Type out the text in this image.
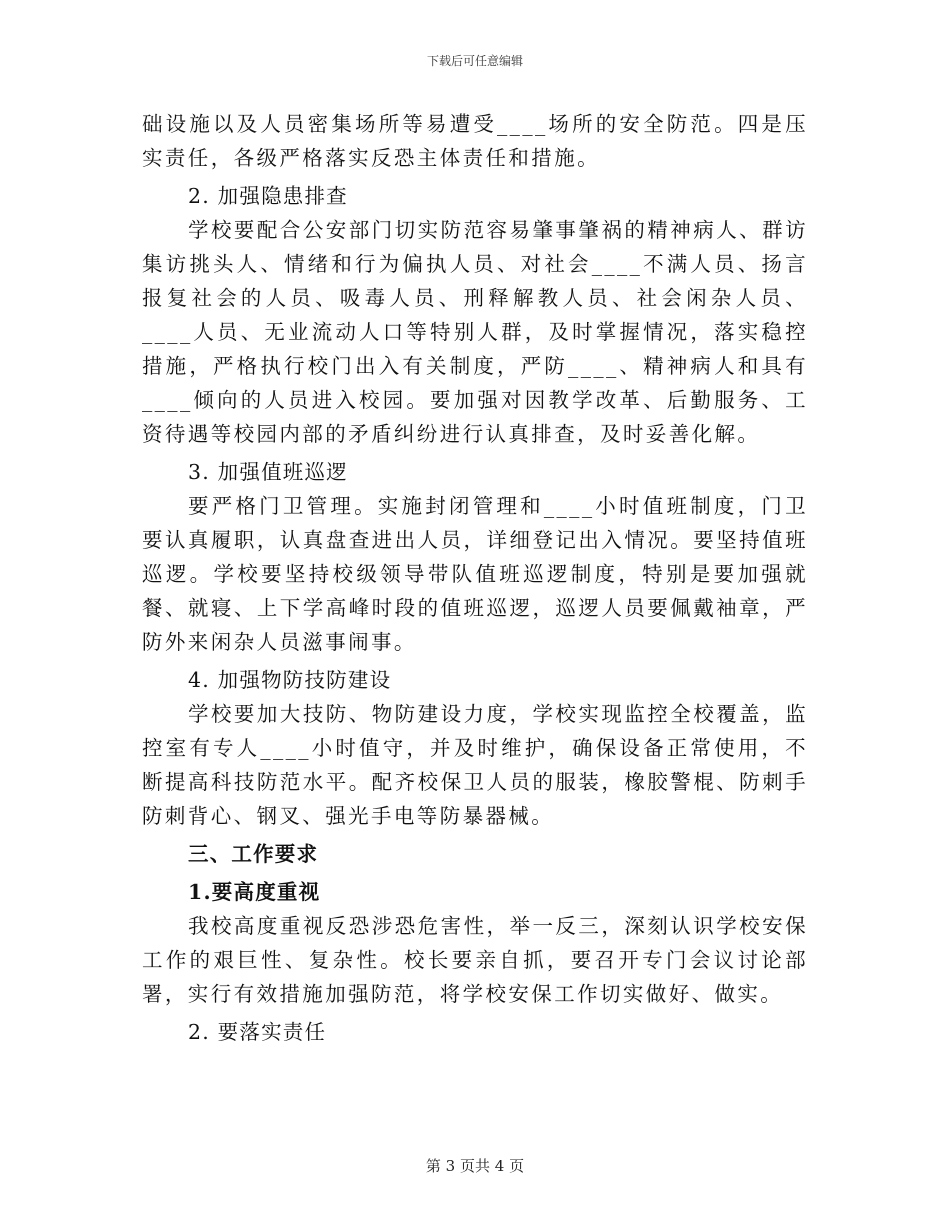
下载后可任意编辑

础设施以及人员密集场所等易遭受____场所的安全防范。四是压实责任，各级严格落实反恐主体责任和措施。

2. 加强隐患排查

学校要配合公安部门切实防范容易肇事肇祸的精神病人、群访集访挑头人、情绪和行为偏执人员、对社会____不满人员、扬言报复社会的人员、吸毒人员、刑释解教人员、社会闲杂人员、____人员、无业流动人口等特别人群，及时掌握情况，落实稳控措施，严格执行校门出入有关制度，严防____、精神病人和具有____倾向的人员进入校园。要加强对因教学改革、后勤服务、工资待遇等校园内部的矛盾纠纷进行认真排查，及时妥善化解。

3. 加强值班巡逻

要严格门卫管理。实施封闭管理和____小时值班制度，门卫要认真履职，认真盘查进出人员，详细登记出入情况。要坚持值班巡逻。学校要坚持校级领导带队值班巡逻制度，特别是要加强就餐、就寝、上下学高峰时段的值班巡逻，巡逻人员要佩戴袖章，严防外来闲杂人员滋事闹事。

4. 加强物防技防建设

学校要加大技防、物防建设力度，学校实现监控全校覆盖，监控室有专人____小时值守，并及时维护，确保设备正常使用，不断提高科技防范水平。配齐校保卫人员的服装，橡胶警棍、防刺手防刺背心、钢叉、强光手电等防暴器械。

三、工作要求

1.要高度重视

我校高度重视反恐涉恐危害性，举一反三，深刻认识学校安保工作的艰巨性、复杂性。校长要亲自抓，要召开专门会议讨论部署，实行有效措施加强防范，将学校安保工作切实做好、做实。

2. 要落实责任

第 3 页共 4 页
